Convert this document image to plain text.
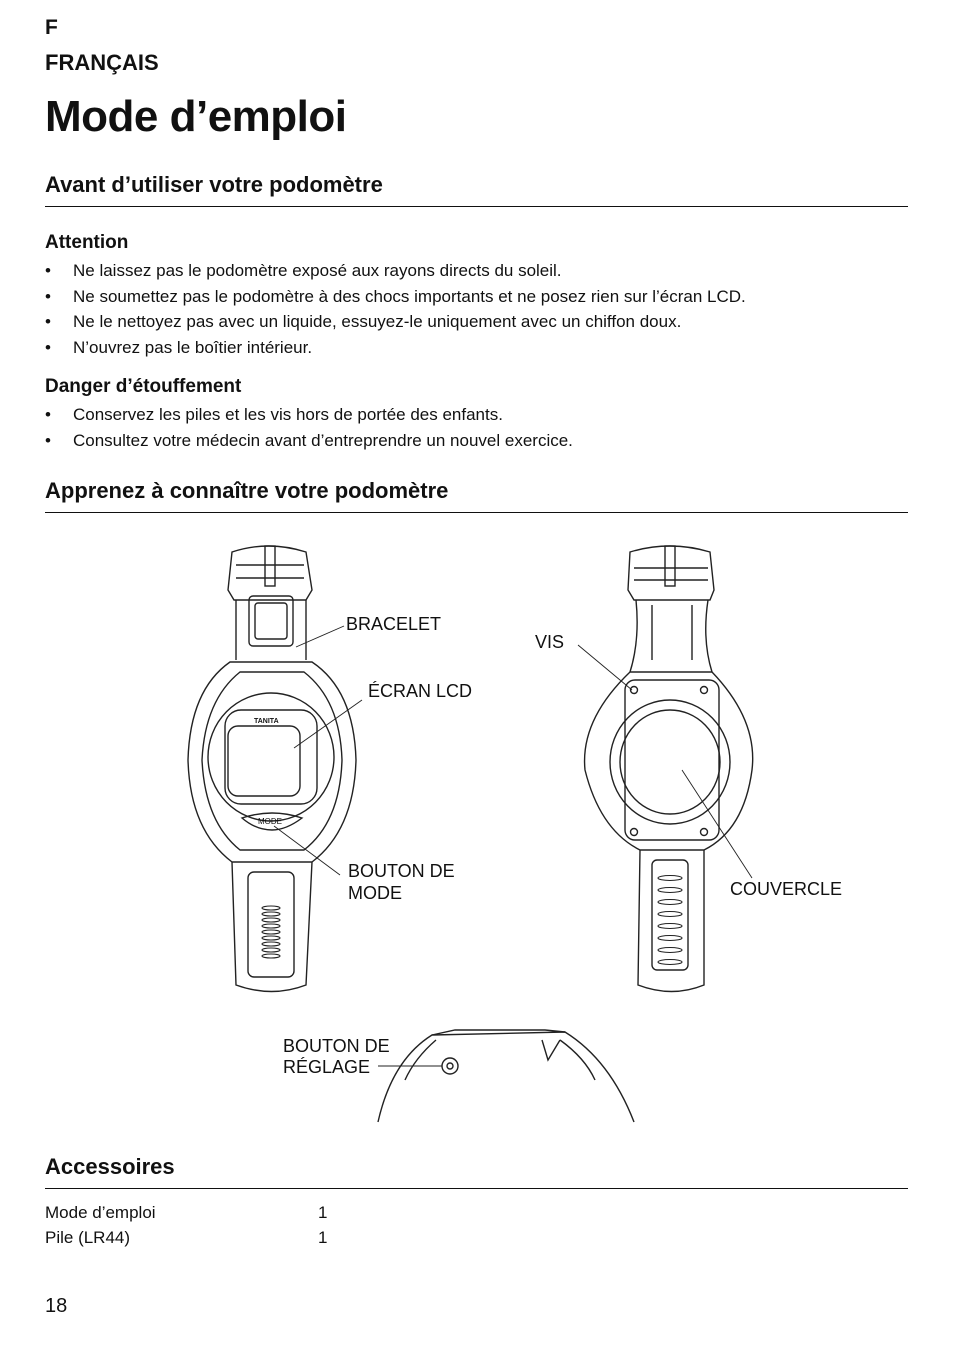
F
FRANÇAIS
Mode d’emploi
Avant d’utiliser votre podomètre
Attention
• Ne laissez pas le podomètre exposé aux rayons directs du soleil.
• Ne soumettez pas le podomètre à des chocs importants et ne posez rien sur l’écran LCD.
• Ne le nettoyez pas avec un liquide, essuyez-le uniquement avec un chiffon doux.
• N’ouvrez pas le boîtier intérieur.
Danger d’étouffement
• Conservez les piles et les vis hors de portée des enfants.
• Consultez votre médecin avant d’entreprendre un nouvel exercice.
Apprenez à connaître votre podomètre
TANITA
MODE
BRACELET
ÉCRAN LCD
BOUTON DE
MODE
VIS
COUVERCLE
BOUTON DE
RÉGLAGE
Accessoires
Mode d’emploi	1
Pile (LR44)	1
18
